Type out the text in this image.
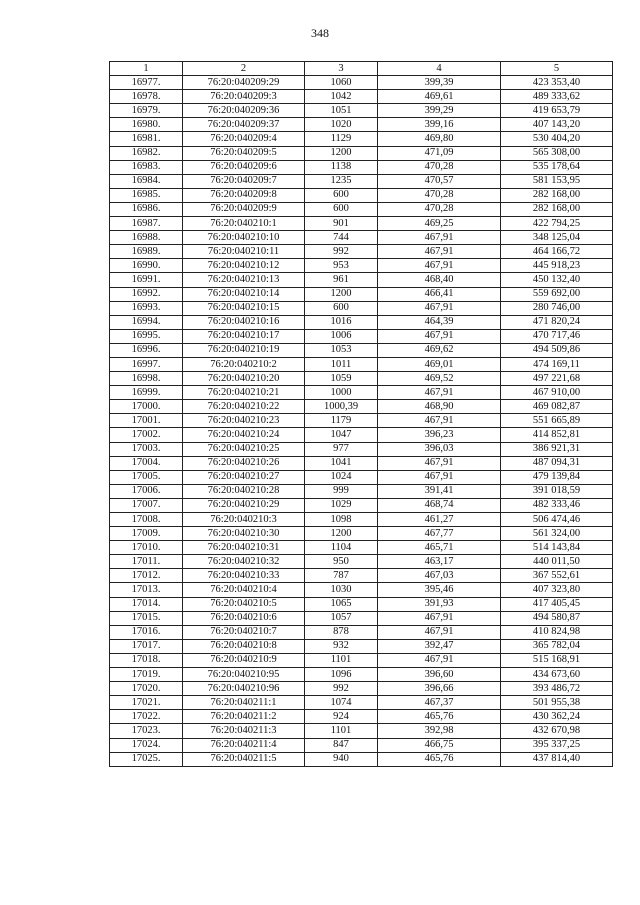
348
1	2	3	4	5
16977.	76:20:040209:29	1060	399,39	423 353,40
16978.	76:20:040209:3	1042	469,61	489 333,62
16979.	76:20:040209:36	1051	399,29	419 653,79
16980.	76:20:040209:37	1020	399,16	407 143,20
16981.	76:20:040209:4	1129	469,80	530 404,20
16982.	76:20:040209:5	1200	471,09	565 308,00
16983.	76:20:040209:6	1138	470,28	535 178,64
16984.	76:20:040209:7	1235	470,57	581 153,95
16985.	76:20:040209:8	600	470,28	282 168,00
16986.	76:20:040209:9	600	470,28	282 168,00
16987.	76:20:040210:1	901	469,25	422 794,25
16988.	76:20:040210:10	744	467,91	348 125,04
16989.	76:20:040210:11	992	467,91	464 166,72
16990.	76:20:040210:12	953	467,91	445 918,23
16991.	76:20:040210:13	961	468,40	450 132,40
16992.	76:20:040210:14	1200	466,41	559 692,00
16993.	76:20:040210:15	600	467,91	280 746,00
16994.	76:20:040210:16	1016	464,39	471 820,24
16995.	76:20:040210:17	1006	467,91	470 717,46
16996.	76:20:040210:19	1053	469,62	494 509,86
16997.	76:20:040210:2	1011	469,01	474 169,11
16998.	76:20:040210:20	1059	469,52	497 221,68
16999.	76:20:040210:21	1000	467,91	467 910,00
17000.	76:20:040210:22	1000,39	468,90	469 082,87
17001.	76:20:040210:23	1179	467,91	551 665,89
17002.	76:20:040210:24	1047	396,23	414 852,81
17003.	76:20:040210:25	977	396,03	386 921,31
17004.	76:20:040210:26	1041	467,91	487 094,31
17005.	76:20:040210:27	1024	467,91	479 139,84
17006.	76:20:040210:28	999	391,41	391 018,59
17007.	76:20:040210:29	1029	468,74	482 333,46
17008.	76:20:040210:3	1098	461,27	506 474,46
17009.	76:20:040210:30	1200	467,77	561 324,00
17010.	76:20:040210:31	1104	465,71	514 143,84
17011.	76:20:040210:32	950	463,17	440 011,50
17012.	76:20:040210:33	787	467,03	367 552,61
17013.	76:20:040210:4	1030	395,46	407 323,80
17014.	76:20:040210:5	1065	391,93	417 405,45
17015.	76:20:040210:6	1057	467,91	494 580,87
17016.	76:20:040210:7	878	467,91	410 824,98
17017.	76:20:040210:8	932	392,47	365 782,04
17018.	76:20:040210:9	1101	467,91	515 168,91
17019.	76:20:040210:95	1096	396,60	434 673,60
17020.	76:20:040210:96	992	396,66	393 486,72
17021.	76:20:040211:1	1074	467,37	501 955,38
17022.	76:20:040211:2	924	465,76	430 362,24
17023.	76:20:040211:3	1101	392,98	432 670,98
17024.	76:20:040211:4	847	466,75	395 337,25
17025.	76:20:040211:5	940	465,76	437 814,40
